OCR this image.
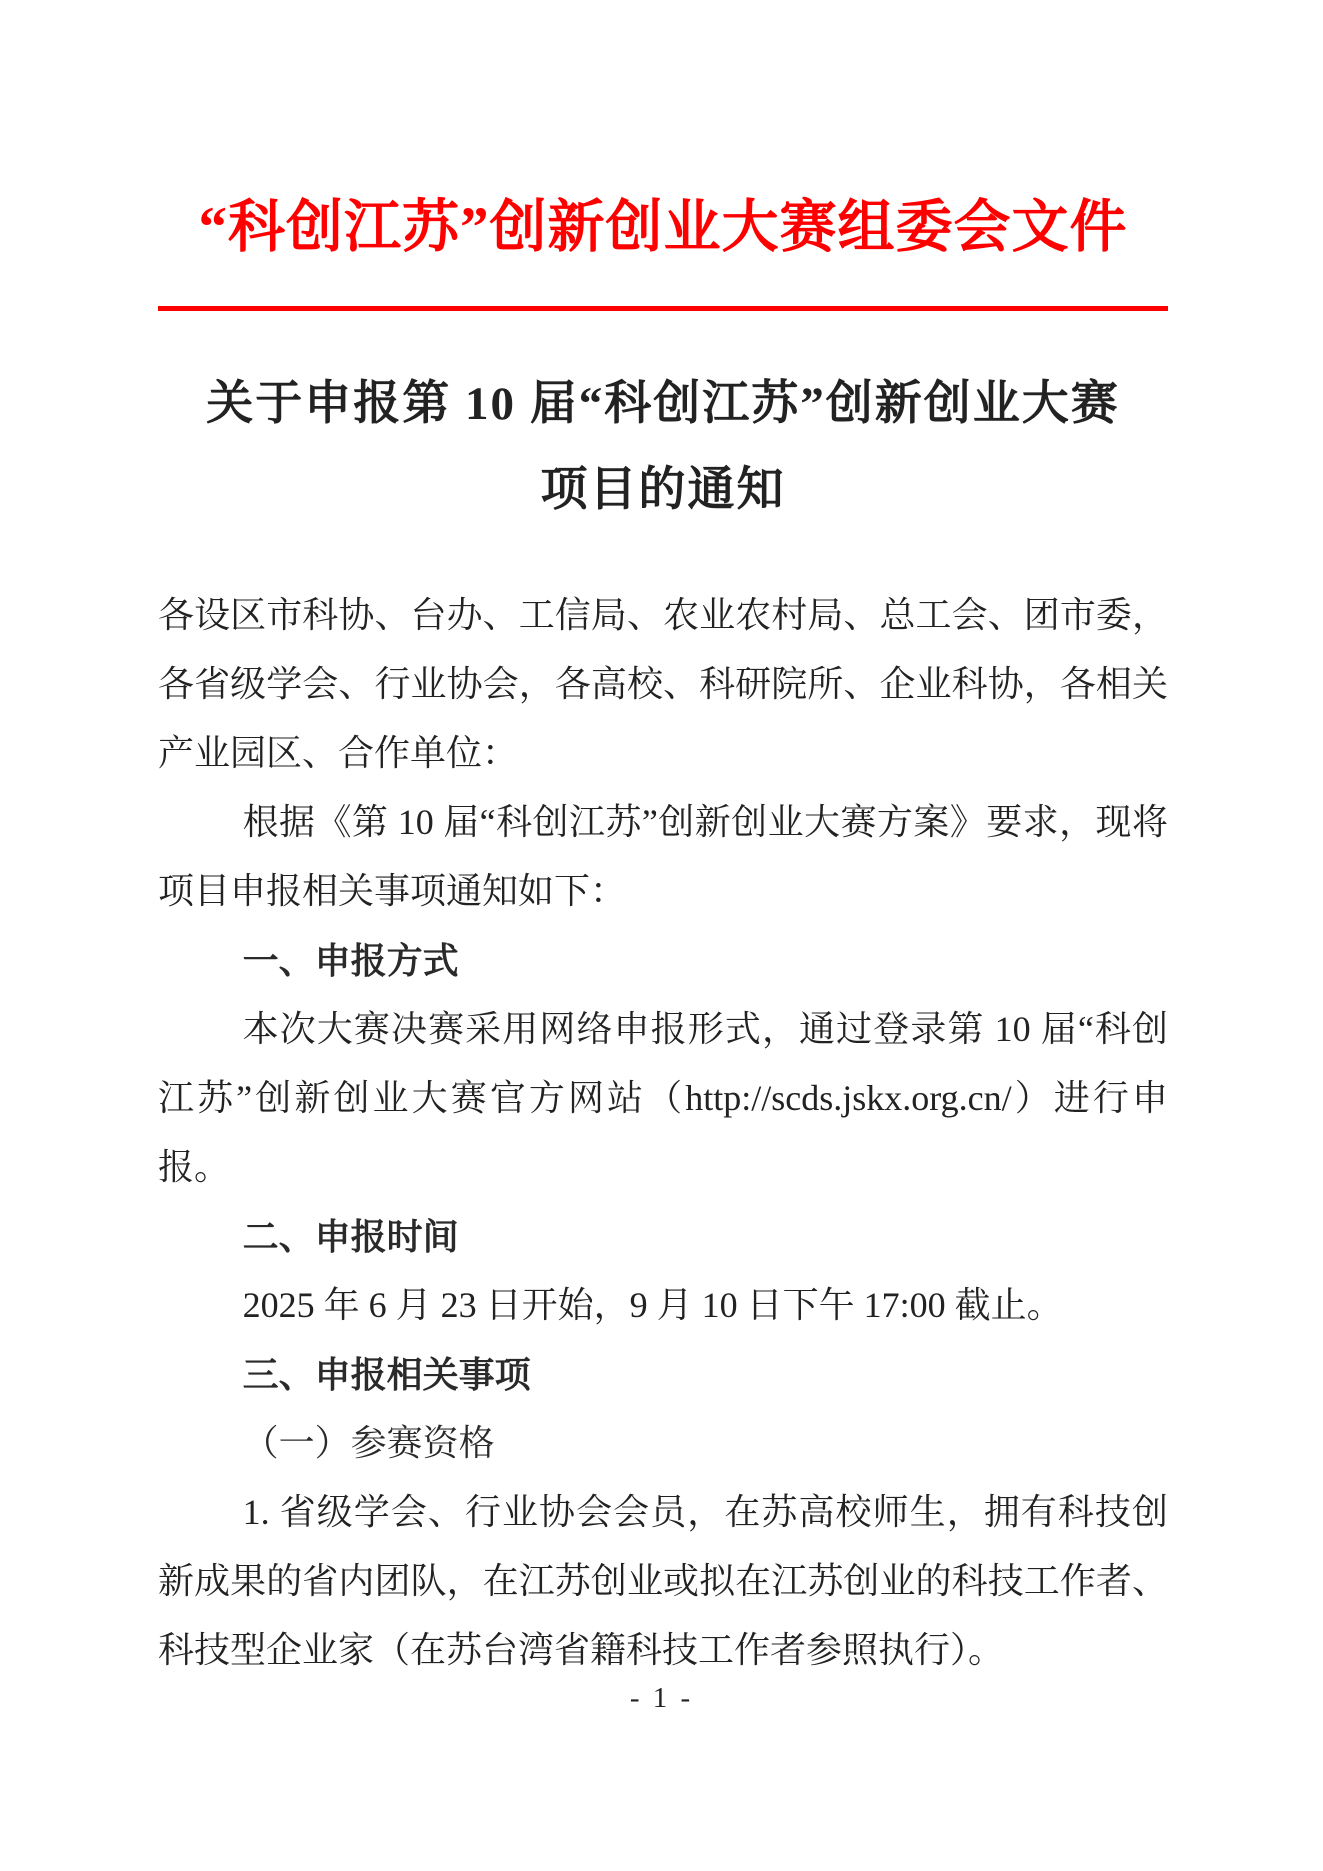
“科创江苏”创新创业大赛组委会文件
关于申报第 10 届“科创江苏”创新创业大赛
项目的通知

各设区市科协、台办、工信局、农业农村局、总工会、团市委，各省级学会、行业协会，各高校、科研院所、企业科协，各相关产业园区、合作单位：

根据《第 10 届“科创江苏”创新创业大赛方案》要求，现将项目申报相关事项通知如下：

一、申报方式

本次大赛决赛采用网络申报形式，通过登录第 10 届“科创江苏”创新创业大赛官方网站（http://scds.jskx.org.cn/）进行申报。

二、申报时间

2025 年 6 月 23 日开始，9 月 10 日下午 17:00 截止。

三、申报相关事项

（一）参赛资格

1. 省级学会、行业协会会员，在苏高校师生，拥有科技创新成果的省内团队，在江苏创业或拟在江苏创业的科技工作者、科技型企业家（在苏台湾省籍科技工作者参照执行）。

- 1 -
